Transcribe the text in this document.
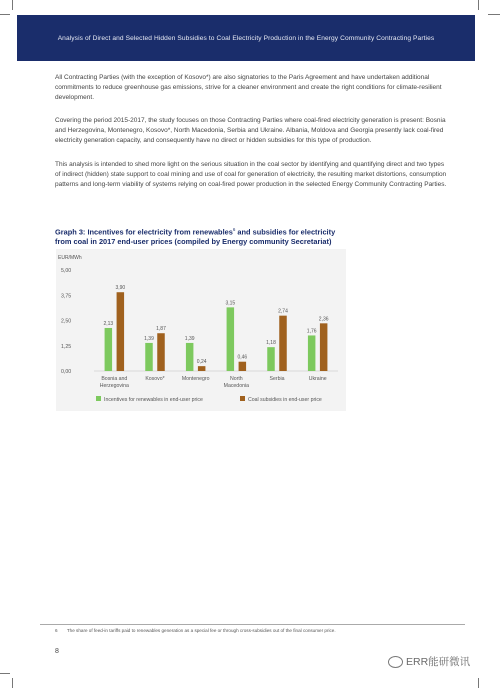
Analysis of Direct and Selected Hidden Subsidies to Coal Electricity Production in the Energy Community Contracting Parties

All Contracting Parties (with the exception of Kosovo*) are also signatories to the Paris Agreement and have undertaken additional commitments to reduce greenhouse gas emissions, strive for a cleaner environment and create the right conditions for climate-resilient development.

Covering the period 2015-2017, the study focuses on those Contracting Parties where coal-fired electricity generation is present: Bosnia and Herzegovina, Montenegro, Kosovo*, North Macedonia, Serbia and Ukraine. Albania, Moldova and Georgia presently lack coal-fired electricity generation capacity, and consequently have no direct or hidden subsidies for this type of production.

This analysis is intended to shed more light on the serious situation in the coal sector by identifying and quantifying direct and two types of indirect (hidden) state support to coal mining and use of coal for generation of electricity, the resulting market distortions, consumption patterns and long-term viability of systems relying on coal-fired power production in the selected Energy Community Contracting Parties.

Graph 3: Incentives for electricity from renewables$^6$ and subsidies for electricity
from coal in 2017 end-user prices (compiled by Energy community Secretariat)
EUR/MWh
0,00
1,25
2,50
3,75
5,00
2,13
3,90
Bosnia and
Herzegovina
1,39
1,87
Kosovo*
1,39
0,24
Montenegro
3,15
0,46
North
Macedonia
1,18
2,74
Serbia
1,76
2,36
Ukraine
Incentives for renewables in end-user price	Coal subsidies in end-user price
6 The share of feed-in tariffs paid to renewables generation as a special fee or through cross-subsidies out of the final consumer price.
8
ERR能研微讯
